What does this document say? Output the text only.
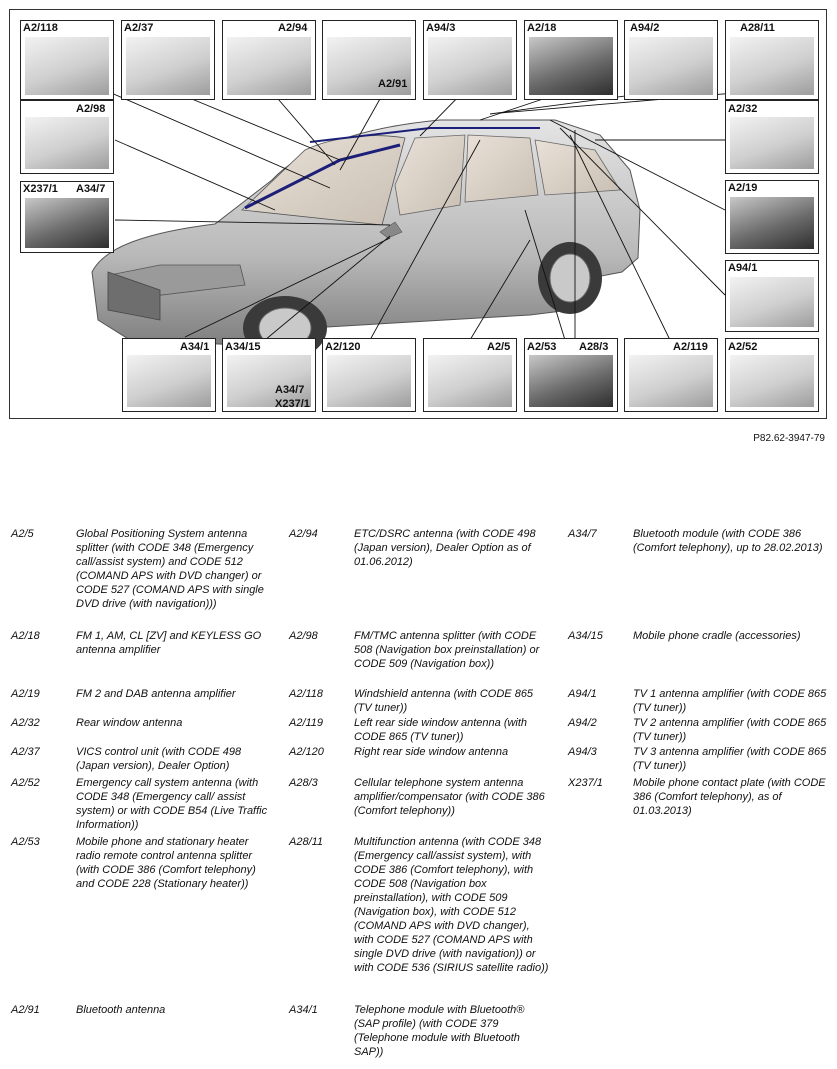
A2/118	A2/37	A2/94
A2/91
A94/3	A2/18	A94/2	A28/11
A2/98
X237/1 A34/7
A2/32
A2/19
A94/1
A34/1 A34/15
A34/7
X237/1
A2/120	A2/5 A2/53 A28/3	A2/119 A2/52
P82.62-3947-79
A2/5	Global Positioning System antenna splitter (with CODE 348 (Emergency call/assist system) and CODE 512 (COMAND APS with DVD changer) or CODE 527 (COMAND APS with single DVD drive (with navigation)))
A2/18	FM 1, AM, CL [ZV] and KEYLESS GO antenna amplifier
A2/19	FM 2 and DAB antenna amplifier
A2/32	Rear window antenna
A2/37	VICS control unit (with CODE 498 (Japan version), Dealer Option)
A2/52	Emergency call system antenna (with CODE 348 (Emergency call/ assist system) or with CODE B54 (Live Traffic Information))
A2/53	Mobile phone and stationary heater radio remote control antenna splitter (with CODE 386 (Comfort telephony) and CODE 228 (Stationary heater))
A2/91	Bluetooth antenna
A2/94	ETC/DSRC antenna (with CODE 498 (Japan version), Dealer Option as of 01.06.2012)
A2/98	FM/TMC antenna splitter (with CODE 508 (Navigation box preinstallation) or CODE 509 (Navigation box))
A2/118	Windshield antenna (with CODE 865 (TV tuner))
A2/119	Left rear side window antenna (with CODE 865 (TV tuner))
A2/120	Right rear side window antenna
A28/3	Cellular telephone system antenna amplifier/compensator (with CODE 386 (Comfort telephony))
A28/11	Multifunction antenna (with CODE 348 (Emergency call/assist system), with CODE 386 (Comfort telephony), with CODE 508 (Navigation box preinstallation), with CODE 509 (Navigation box), with CODE 512 (COMAND APS with DVD changer), with CODE 527 (COMAND APS with single DVD drive (with navigation)) or with CODE 536 (SIRIUS satellite radio))
A34/1	Telephone module with Bluetooth® (SAP profile) (with CODE 379 (Telephone module with Bluetooth SAP))
A34/7	Bluetooth module (with CODE 386 (Comfort telephony), up to 28.02.2013)
A34/15	Mobile phone cradle (accessories)
A94/1	TV 1 antenna amplifier (with CODE 865 (TV tuner))
A94/2	TV 2 antenna amplifier (with CODE 865 (TV tuner))
A94/3	TV 3 antenna amplifier (with CODE 865 (TV tuner))
X237/1	Mobile phone contact plate (with CODE 386 (Comfort telephony), as of 01.03.2013)
